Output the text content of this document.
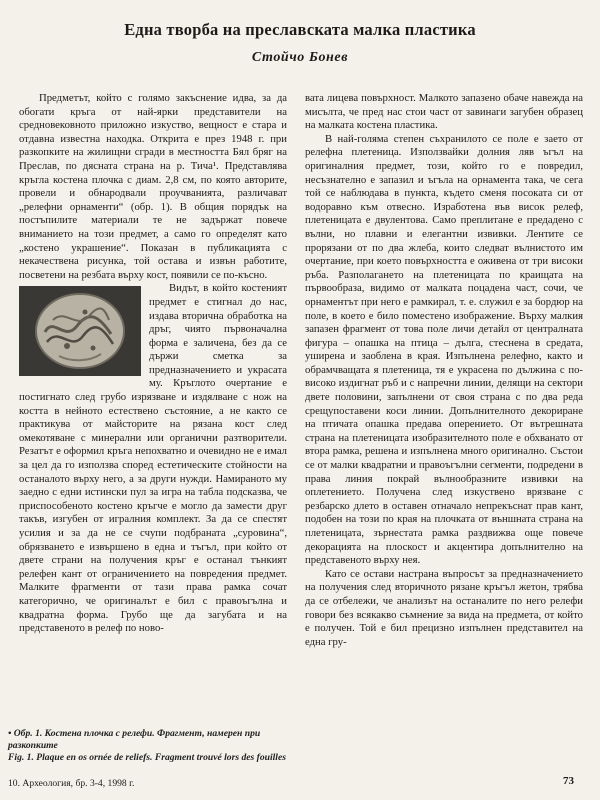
Една творба на преславската малка пластика
Стойчо Бонев

Предметът, който с голямо закъснение идва, за да обогати кръга от най-ярки представители на средновековното приложно изкуство, вещност е стара и отдавна известна находка. Открита е през 1948 г. при разкопките на жилищни сгради в местността Бял бряг на Преслав, по дясната страна на р. Тича¹. Представлява кръгла костена плочка с диам. 2,8 см, по която авторите, провели и обнародвали проучванията, различават „релефни орнаменти“ (обр. 1). В общия порядък на постъпилите материали те не задържат повече вниманието на този предмет, а само го определят като „костено украшение“. Показан в публикацията с некачествена рисунка, той остава и извън работите, посветени на резбата върху кост, появили се по-късно.

Видът, в който костеният предмет е стигнал до нас, издава вторична обработка на дръг, чиято първоначална форма е заличена, без да се държи сметка за предназначението и украсата му. Кръглото очертание е постигнато след грубо изрязване и издялване с нож на костта в нейното естествено състояние, а не както се практикува от майсторите на рязана кост след омекотяване с минерални или органични разтворители. Резатът е оформил кръга непохватно и очевидно не е имал за цел да го използва според естетическите стойности на останалото върху него, а за други нужди. Намираното му заедно с едни истински пул за игра на табла подсказва, че приспособеното костено кръгче е могло да замести друг такъв, изгубен от игралния комплект. За да се спестят усилия и за да не се счупи подбраната „суровина“, обрязването е извършено в една и тъгъл, при който от двете страни на получения кръг е останал тънкият релефен кант от ограничението на повредения предмет. Малките фрагменти от тази права рамка сочат категорично, че оригиналът е бил с правоъгълна и квадратна форма. Грубо ще да загубата и на представеното в релеф по ново-

вата лицева повърхност. Малкото запазено обаче навежда на мисълта, че пред нас стои част от завинаги загубен образец на малката костена пластика.

В най-голяма степен съхранилото се поле е заето от релефна плетеница. Използвайки долния ляв ъгъл на оригиналния предмет, този, който го е повредил, несъзнателно е запазил и ъгъла на орнамента така, че сега той се наблюдава в пункта, където сменя посоката си от водоравно към отвесно. Изработена във висок релеф, плетеницата е двулентова. Само преплитане е предадено с вълни, но плавни и елегантни извивки. Лентите се прорязани от по два жлеба, които следват вълнистото им очертание, при което повърхността е оживена от три високи ръба. Разполагането на плетеницата по краищата на първообраза, видимо от малката поцадена част, сочи, че орнаментът при него е рамкирал, т. е. служил е за бордюр на поле, в което е било поместено изображение. Върху малкия запазен фрагмент от това поле личи детайл от централната фигура – опашка на птица – дълга, стеснена в средата, уширена и заоблена в края. Изпълнена релефно, както и обрамчващата я плетеница, тя е украсена по дължина с по-високо издигнат ръб и с напречни линии, делящи на сектори двете половини, запълнени от своя страна с по два реда срещупоставени коси линии. Допълнителното декориране на птичата опашка предава оперението. От вътрешната страна на плетеницата изобразителното поле е обхванато от втора рамка, решена и изпълнена много оригинално. Състои се от малки квадратни и правоъгълни сегменти, подредени в права линия покрай вълнообразните извивки на оплетението. Получена след изкуствено врязване с резбарско длето в оставен отначало непрекъснат прав кант, подобен на този по края на плочката от външната страна на плетеницата, зърнестата рамка раздвижва още повече декорацията на плоскост и акцентира допълнително на представеното върху нея.

Като се остави настрана въпросът за предназначението на получения след вторичното рязане кръгъл жетон, трябва да се отбележи, че анализът на останалите по него релефи говори без всякакво съмнение за вида на предмета, от който е получен. Той е бил прецизно изпълнен представител на една гру-

• Обр. 1. Костена плочка с релефи. Фрагмент, намерен при разкопките
Fig. 1. Plaque en os ornée de reliefs. Fragment trouvé lors des fouilles
10. Археология, бр. 3-4, 1998 г.	73
